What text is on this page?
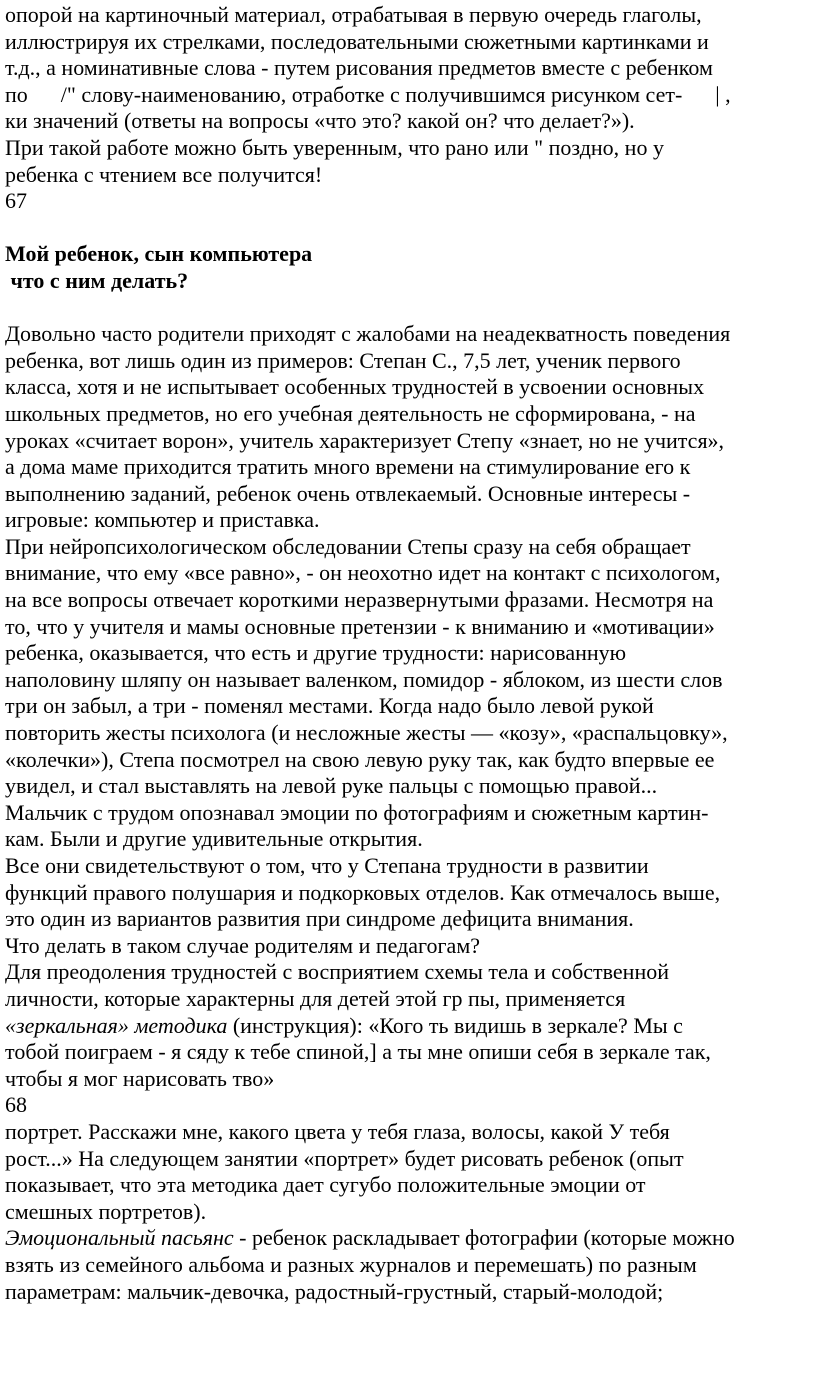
опорой на картиночный материал, отрабатывая в первую очередь глаголы,
иллюстрируя их стрелками, последовательными сюжетными картинками и
т.д., а номинативные слова - путем рисования предметов вместе с ребенком
по      /" слову-наименованию, отработке с получившимся рисунком сет-      | ,
ки значений (ответы на вопросы «что это? какой он? что делает?»).
При такой работе можно быть уверенным, что рано или " поздно, но у
ребенка с чтением все получится!
67
Мой ребенок, сын компьютера
что с ним делать?
Довольно часто родители приходят с жалобами на неадекватность поведения
ребенка, вот лишь один из примеров: Степан С., 7,5 лет, ученик первого
класса, хотя и не испытывает особенных трудностей в усвоении основных
школьных предметов, но его учебная деятельность не сформирована, - на
уроках «считает ворон», учитель характеризует Степу «знает, но не учится»,
а дома маме приходится тратить много времени на стимулирование его к
выполнению заданий, ребенок очень отвлекаемый. Основные интересы -
игровые: компьютер и приставка.
При нейропсихологическом обследовании Степы сразу на себя обращает
внимание, что ему «все равно», - он неохотно идет на контакт с психологом,
на все вопросы отвечает короткими неразвернутыми фразами. Несмотря на
то, что у учителя и мамы основные претензии - к вниманию и «мотивации»
ребенка, оказывается, что есть и другие трудности: нарисованную
наполовину шляпу он называет валенком, помидор - яблоком, из шести слов
три он забыл, а три - поменял местами. Когда надо было левой рукой
повторить жесты психолога (и несложные жесты — «козу», «распальцовку»,
«колечки»), Степа посмотрел на свою левую руку так, как будто впервые ее
увидел, и стал выставлять на левой руке пальцы с помощью правой...
Мальчик с трудом опознавал эмоции по фотографиям и сюжетным картин-
кам. Были и другие удивительные открытия.
Все они свидетельствуют о том, что у Степана трудности в развитии
функций правого полушария и подкорковых отделов. Как отмечалось выше,
это один из вариантов развития при синдроме дефицита внимания.
Что делать в таком случае родителям и педагогам?
Для преодоления трудностей с восприятием схемы тела и собственной
личности, которые характерны для детей этой гр пы, применяется
«зеркальная» методика (инструкция): «Кого ть видишь в зеркале? Мы с
тобой поиграем - я сяду к тебе спиной,] а ты мне опиши себя в зеркале так,
чтобы я мог нарисовать тво»
68
портрет. Расскажи мне, какого цвета у тебя глаза, волосы, какой У тебя
рост...» На следующем занятии «портрет» будет рисовать ребенок (опыт
показывает, что эта методика дает сугубо положительные эмоции от
смешных портретов).
Эмоциональный пасьянс - ребенок раскладывает фотографии (которые можно
взять из семейного альбома и разных журналов и перемешать) по разным
параметрам: мальчик-девочка, радостный-грустный, старый-молодой;
